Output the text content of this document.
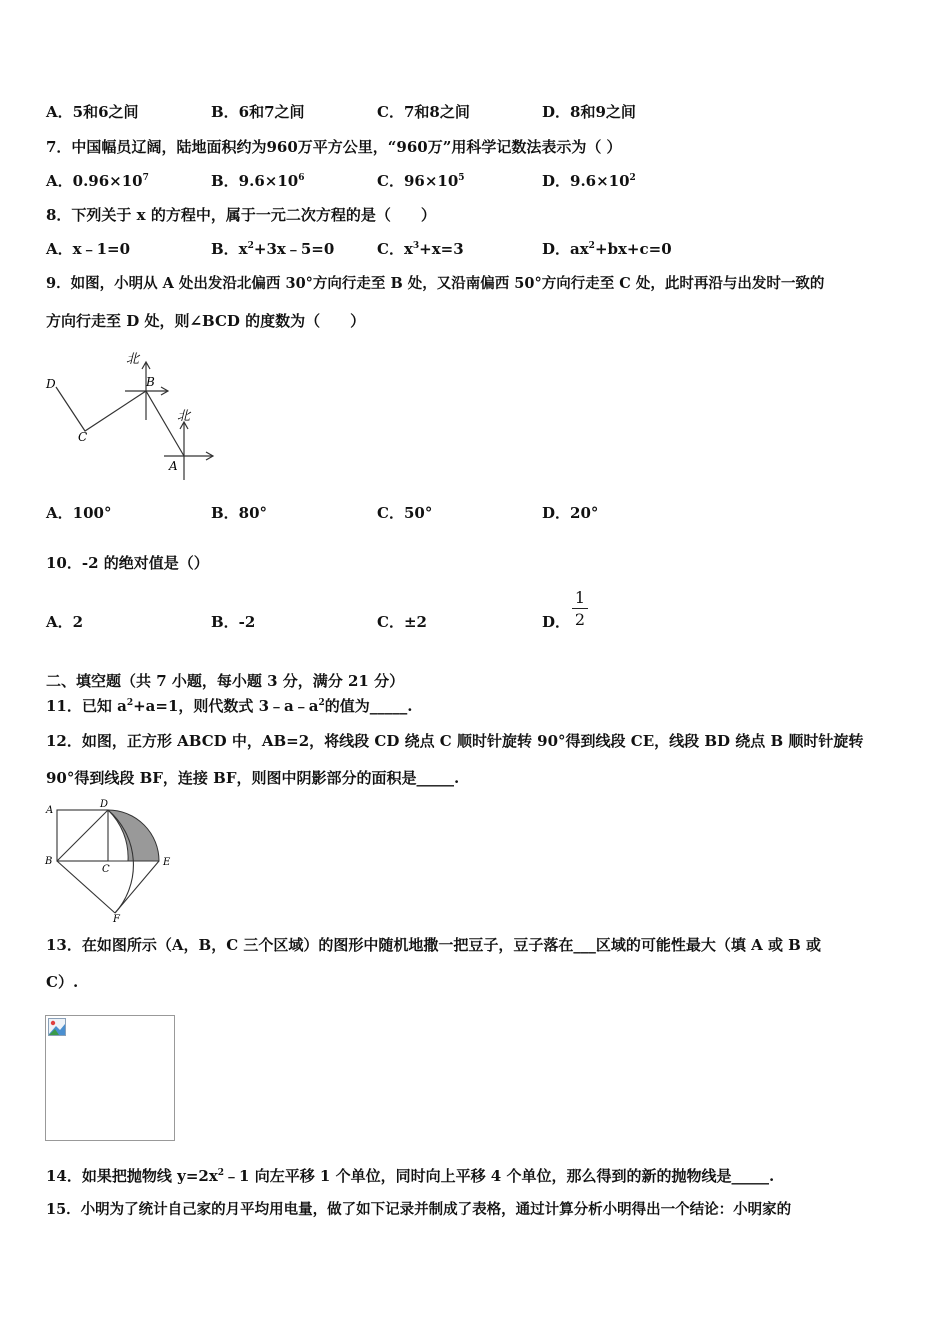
A．5和6之间	B．6和7之间	C．7和8之间	D．8和9之间
7．中国幅员辽阔，陆地面积约为960万平方公里，“960万”用科学记数法表示为（ ）
A．$0.96\times 10^7$	B．$9.6\times 10^6$	C．$96\times 10^5$	D．$9.6\times 10^2$
8．下列关于 x 的方程中，属于一元二次方程的是（　　）
A．x﹣1=0	B．$x^2+3x﹣5=0$	C．$x^3+x=3$	D．$ax^2+bx+c=0$
9．如图，小明从 A 处出发沿北偏西 30°方向行走至 B 处，又沿南偏西 50°方向行走至 C 处，此时再沿与出发时一致的
方向行走至 D 处，则∠BCD 的度数为（　　）
北
北
B
A
C
D
A．100°	B．80°	C．50°	D．20°
10．-2 的绝对值是（）
A．2	B．-2	C．±2	D．
1
2
二、填空题（共 7 小题，每小题 3 分，满分 21 分）
11．已知 $a^2+a=1$，则代数式 $3﹣a﹣a^2$的值为_____.
12．如图，正方形 ABCD 中，AB=2，将线段 CD 绕点 C 顺时针旋转 90°得到线段 CE，线段 BD 绕点 B 顺时针旋转
90°得到线段 BF，连接 BF，则图中阴影部分的面积是_____.
A
D
B
C
E
F
13．在如图所示（A，B，C 三个区域）的图形中随机地撒一把豆子，豆子落在___区域的可能性最大（填 A 或 B 或
C）.
14．如果把抛物线 $y=2x^2﹣1$ 向左平移 1 个单位，同时向上平移 4 个单位，那么得到的新的抛物线是_____.
15．小明为了统计自己家的月平均用电量，做了如下记录并制成了表格，通过计算分析小明得出一个结论：小明家的
